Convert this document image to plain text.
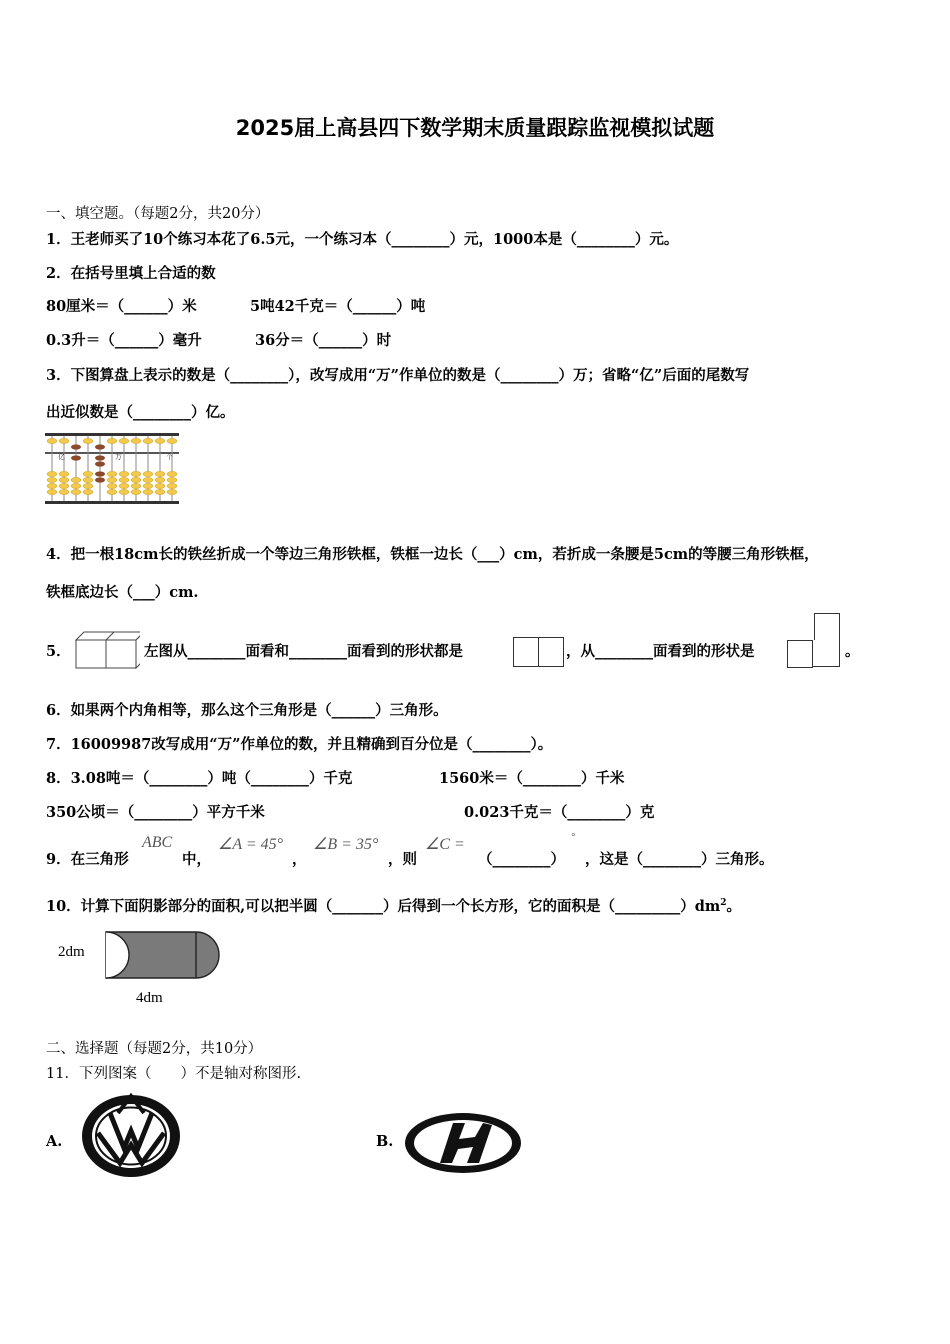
2025届上高县四下数学期末质量跟踪监视模拟试题
一、填空题。（每题2分，共20分）
1．王老师买了10个练习本花了6.5元，一个练习本（________）元，1000本是（________）元。
2．在括号里填上合适的数
80厘米＝（______）米	5吨42千克＝（______）吨
0.3升＝（______）毫升	36分＝（______）时
3．下图算盘上表示的数是（________），改写成用“万”作单位的数是（________）万；省略“亿”后面的尾数写
出近似数是（________）亿。
亿	万	个
4．把一根18cm长的铁丝折成一个等边三角形铁框，铁框一边长（___）cm，若折成一条腰是5cm的等腰三角形铁框，
铁框底边长（___）cm.
5．	左图从________面看和________面看到的形状都是	，从________面看到的形状是	。
6．如果两个内角相等，那么这个三角形是（______）三角形。
7．16009987改写成用“万”作单位的数，并且精确到百分位是（________）。
8．3.08吨＝（________）吨（________）千克	1560米＝（________）千米
350公顷＝（________）平方千米	0.023千克＝（________）克
9．在三角形
ABC
中，
∠A = 45°
，
∠B = 35°
，则
∠C =	°
（________） ，这是（________）三角形。
10．计算下面阴影部分的面积,可以把半圆（_______）后得到一个长方形，它的面积是$(\_\_\_\_\_\_\_\_\_)dm^2$。
2dm
4dm
二、选择题（每题2分，共10分）
11．下列图案（　　）不是轴对称图形.
A.	B.
